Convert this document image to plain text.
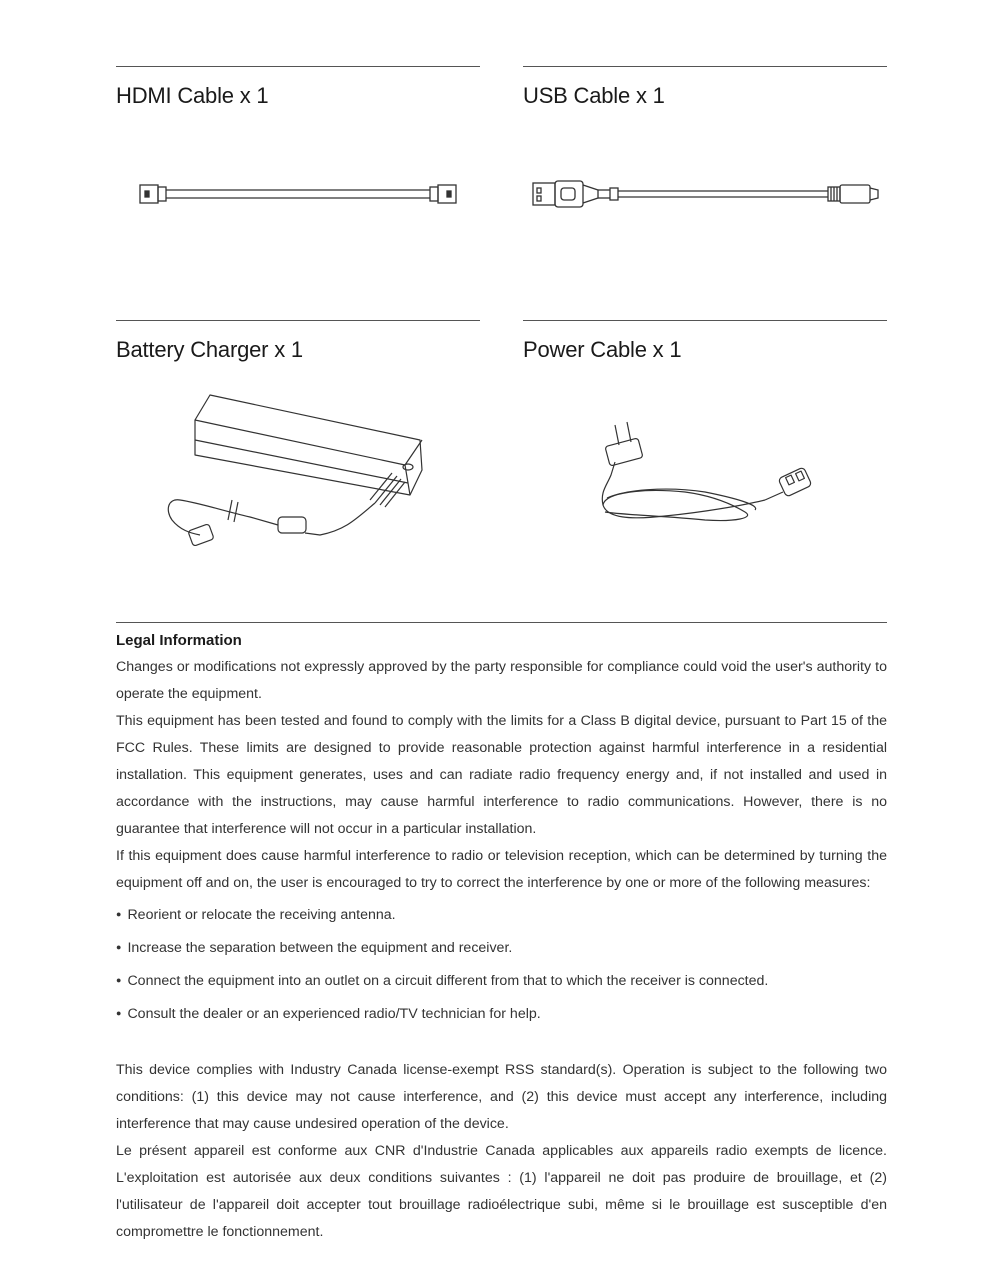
HDMI Cable x 1	USB Cable x 1
Battery Charger x 1	Power Cable x 1
Legal Information

Changes or modifications not expressly approved by the party responsible for compliance could void the user's authority to operate the equipment.

This equipment has been tested and found to comply with the limits for a Class B digital device, pursuant to Part 15 of the FCC Rules. These limits are designed to provide reasonable protection against harmful interference in a residential installation. This equipment generates, uses and can radiate radio frequency energy and, if not installed and used in accordance with the instructions, may cause harmful interference to radio communications. However, there is no guarantee that interference will not occur in a particular installation.

If this equipment does cause harmful interference to radio or television reception, which can be determined by turning the equipment off and on, the user is encouraged to try to correct the interference by one or more of the following measures:

● Reorient or relocate the receiving antenna.
● Increase the separation between the equipment and receiver.
● Connect the equipment into an outlet on a circuit different from that to which the receiver is connected.
● Consult the dealer or an experienced radio/TV technician for help.

This device complies with Industry Canada license-exempt RSS standard(s). Operation is subject to the following two conditions: (1) this device may not cause interference, and (2) this device must accept any interference, including interference that may cause undesired operation of the device.

Le présent appareil est conforme aux CNR d'Industrie Canada applicables aux appareils radio exempts de licence. L'exploitation est autorisée aux deux conditions suivantes : (1) l'appareil ne doit pas produire de brouillage, et (2) l'utilisateur de l'appareil doit accepter tout brouillage radioélectrique subi, même si le brouillage est susceptible d'en compromettre le fonctionnement.
